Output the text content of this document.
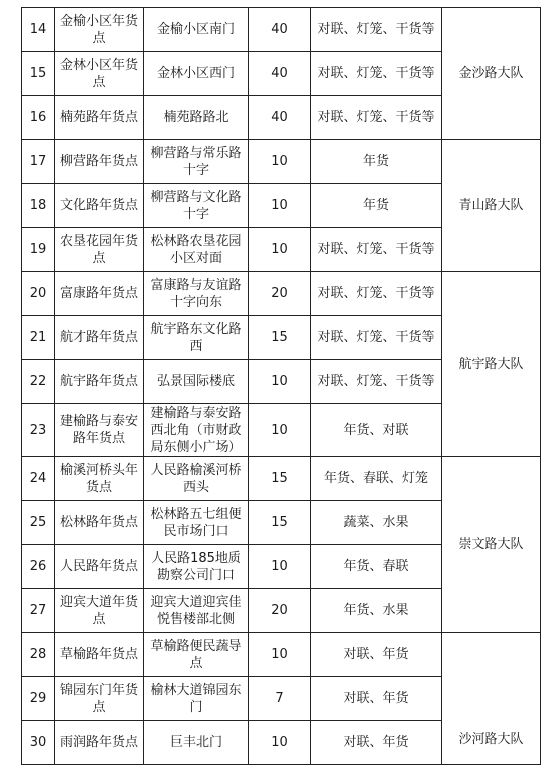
14	金榆小区年货点	金榆小区南门	40	对联、灯笼、干货等	金沙路大队
15	金林小区年货点	金林小区西门	40	对联、灯笼、干货等	
16	楠苑路年货点	楠苑路路北	40	对联、灯笼、干货等	
17	柳营路年货点	柳营路与常乐路十字	10	年货	青山路大队
18	文化路年货点	柳营路与文化路十字	10	年货	
19	农垦花园年货点	松林路农垦花园小区对面	10	对联、灯笼、干货等	
20	富康路年货点	富康路与友谊路十字向东	20	对联、灯笼、干货等	航宇路大队
21	航才路年货点	航宇路东文化路西	15	对联、灯笼、干货等	
22	航宇路年货点	弘景国际楼底	10	对联、灯笼、干货等	
23	建榆路与泰安路年货点	建榆路与泰安路西北角（市财政局东侧小广场）	10	年货、对联	
24	榆溪河桥头年货点	人民路榆溪河桥西头	15	年货、春联、灯笼	崇文路大队
25	松林路年货点	松林路五七组便民市场门口	15	蔬菜、水果	
26	人民路年货点	人民路185地质勘察公司门口	10	年货、春联	
27	迎宾大道年货点	迎宾大道迎宾佳悦售楼部北侧	20	年货、水果	
28	草榆路年货点	草榆路便民蔬导点	10	对联、年货	沙河路大队
29	锦园东门年货点	榆林大道锦园东门	7	对联、年货	
30	雨润路年货点	巨丰北门	10	对联、年货	
